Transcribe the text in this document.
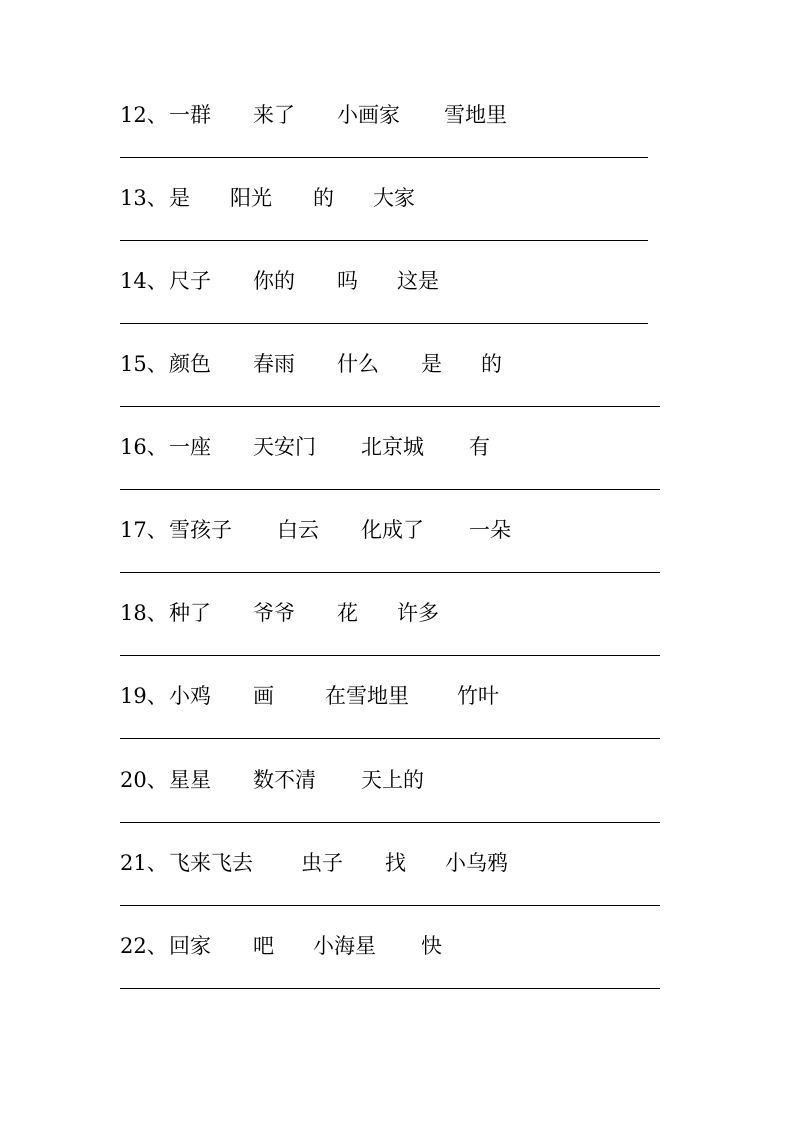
12、 一群 来了 小画家 雪地里
13、 是 阳光 的 大家
14、 尺子 你的 吗 这是
15、 颜色 春雨 什么 是 的
16、 一座 天安门 北京城 有
17、 雪孩子 白云 化成了 一朵
18、 种了 爷爷 花 许多
19、 小鸡 画 在雪地里 竹叶
20、 星星 数不清 天上的
21、 飞来飞去 虫子 找 小乌鸦
22、 回家 吧 小海星 快
